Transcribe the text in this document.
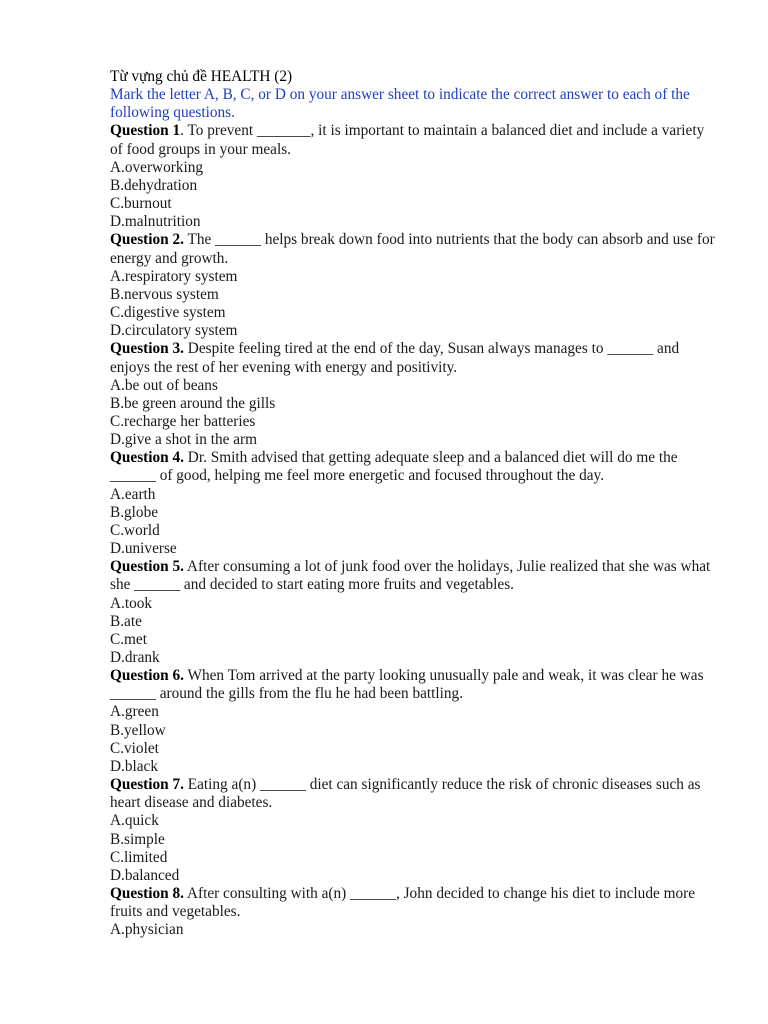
Từ vựng chủ đề HEALTH (2)
Mark the letter A, B, C, or D on your answer sheet to indicate the correct answer to each of the following questions.
Question 1. To prevent _______, it is important to maintain a balanced diet and include a variety of food groups in your meals.
A.overworking
B.dehydration
C.burnout
D.malnutrition
Question 2. The ______ helps break down food into nutrients that the body can absorb and use for energy and growth.
A.respiratory system
B.nervous system
C.digestive system
D.circulatory system
Question 3. Despite feeling tired at the end of the day, Susan always manages to ______ and enjoys the rest of her evening with energy and positivity.
A.be out of beans
B.be green around the gills
C.recharge her batteries
D.give a shot in the arm
Question 4. Dr. Smith advised that getting adequate sleep and a balanced diet will do me the ______ of good, helping me feel more energetic and focused throughout the day.
A.earth
B.globe
C.world
D.universe
Question 5. After consuming a lot of junk food over the holidays, Julie realized that she was what she ______ and decided to start eating more fruits and vegetables.
A.took
B.ate
C.met
D.drank
Question 6. When Tom arrived at the party looking unusually pale and weak, it was clear he was ______ around the gills from the flu he had been battling.
A.green
B.yellow
C.violet
D.black
Question 7. Eating a(n) ______ diet can significantly reduce the risk of chronic diseases such as heart disease and diabetes.
A.quick
B.simple
C.limited
D.balanced
Question 8. After consulting with a(n) ______, John decided to change his diet to include more fruits and vegetables.
A.physician
